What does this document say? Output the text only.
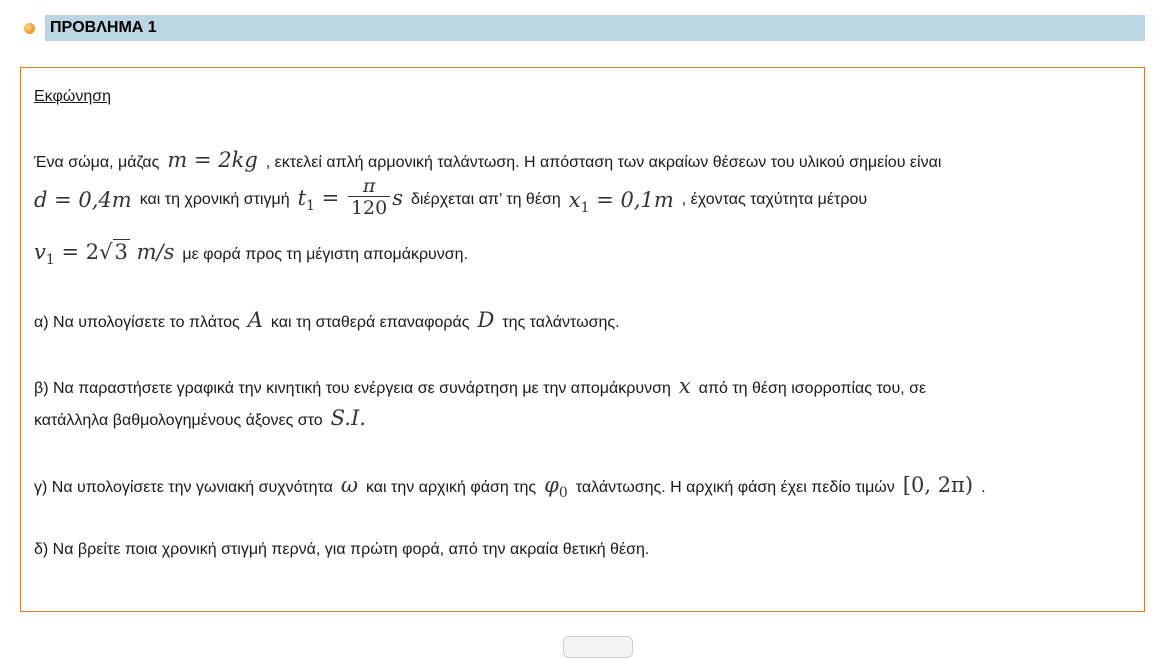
ΠΡΟΒΛΗΜΑ 1
Εκφώνηση
Ένα σώμα, μάζας m = 2kg , εκτελεί απλή αρμονική ταλάντωση. Η απόσταση των ακραίων θέσεων του υλικού σημείου είναι
d = 0,4m και τη χρονική στιγμή $t_1 = \frac{\pi}{120}$ s διέρχεται απ’ τη θέση $x_1 = 0,1m$ , έχοντας ταχύτητα μέτρου
$v_1 = 2√3$ m/s με φορά προς τη μέγιστη απομάκρυνση.
α) Να υπολογίσετε το πλάτος A και τη σταθερά επαναφοράς D της ταλάντωσης.
β) Να παραστήσετε γραφικά την κινητική του ενέργεια σε συνάρτηση με την απομάκρυνση x από τη θέση ισορροπίας του, σε
κατάλληλα βαθμολογημένους άξονες στο S.I.
γ) Να υπολογίσετε την γωνιακή συχνότητα ω και την αρχική φάση της $\varphi_0$ ταλάντωσης. Η αρχική φάση έχει πεδίο τιμών [0, 2π) .
δ) Να βρείτε ποια χρονική στιγμή περνά, για πρώτη φορά, από την ακραία θετική θέση.
